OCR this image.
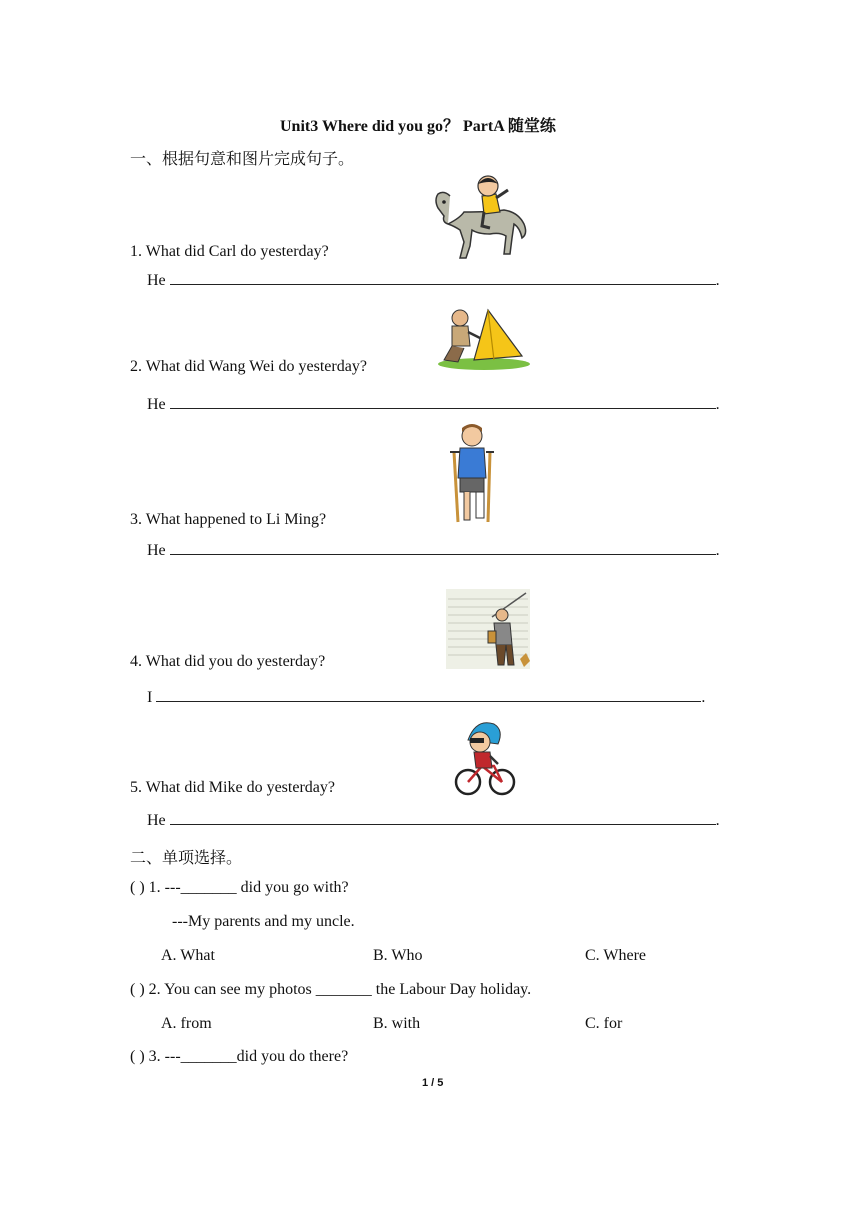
Unit3 Where did you go？ PartA 随堂练
一、根据句意和图片完成句子。
1. What did Carl do yesterday?
He	.
2. What did Wang Wei do yesterday?
He	.
3. What happened to Li Ming?
He	.
4. What did you do yesterday?
I	.
5. What did Mike do yesterday?
He	.
二、单项选择。
( ) 1. ---_______ did you go with?
---My parents and my uncle.
A. What	B. Who	C. Where
( ) 2. You can see my photos _______ the Labour Day holiday.
A. from	B. with	C. for
( ) 3. ---_______did you do there?
1 / 5
